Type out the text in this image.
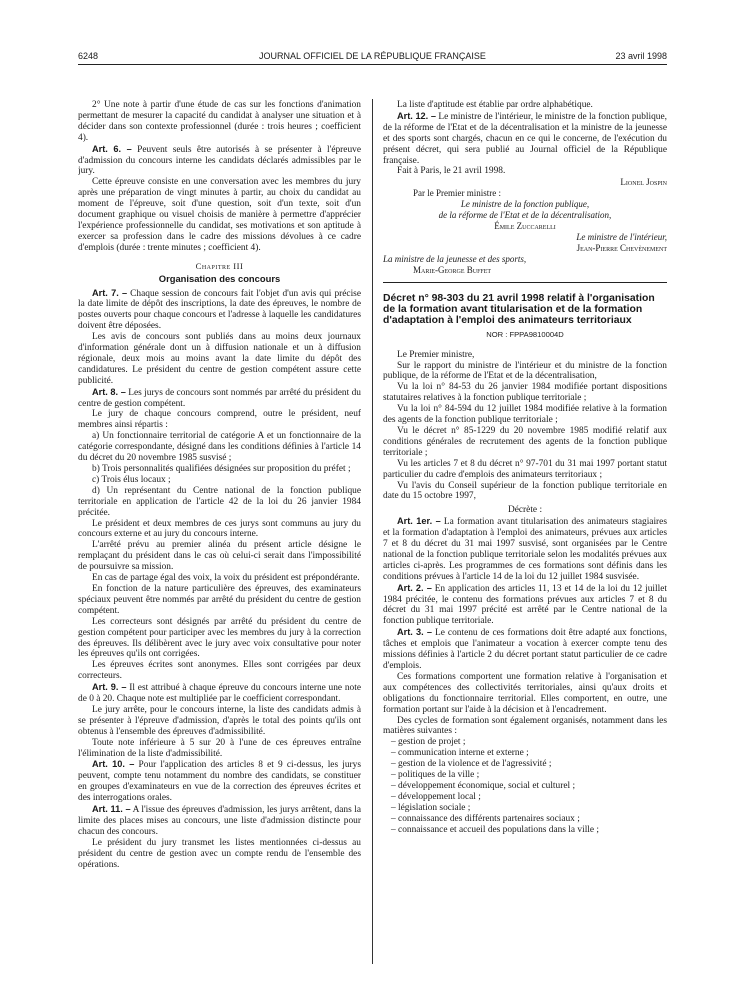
6248	JOURNAL OFFICIEL DE LA RÉPUBLIQUE FRANÇAISE	23 avril 1998

2° Une note à partir d'une étude de cas sur les fonctions d'animation permettant de mesurer la capacité du candidat à analyser une situation et à décider dans son contexte professionnel (durée : trois heures ; coefficient 4).

Art. 6. – Peuvent seuls être autorisés à se présenter à l'épreuve d'admission du concours interne les candidats déclarés admissibles par le jury.

Cette épreuve consiste en une conversation avec les membres du jury après une préparation de vingt minutes à partir, au choix du candidat au moment de l'épreuve, soit d'une question, soit d'un texte, soit d'un document graphique ou visuel choisis de manière à permettre d'apprécier l'expérience professionnelle du candidat, ses motivations et son aptitude à exercer sa profession dans le cadre des missions dévolues à ce cadre d'emplois (durée : trente minutes ; coefficient 4).

Chapitre III

Organisation des concours

Art. 7. – Chaque session de concours fait l'objet d'un avis qui précise la date limite de dépôt des inscriptions, la date des épreuves, le nombre de postes ouverts pour chaque concours et l'adresse à laquelle les candidatures doivent être déposées.

Les avis de concours sont publiés dans au moins deux journaux d'information générale dont un à diffusion nationale et un à diffusion régionale, deux mois au moins avant la date limite du dépôt des candidatures. Le président du centre de gestion compétent assure cette publicité.

Art. 8. – Les jurys de concours sont nommés par arrêté du président du centre de gestion compétent.

Le jury de chaque concours comprend, outre le président, neuf membres ainsi répartis :

a) Un fonctionnaire territorial de catégorie A et un fonctionnaire de la catégorie correspondante, désigné dans les conditions définies à l'article 14 du décret du 20 novembre 1985 susvisé ;

b) Trois personnalités qualifiées désignées sur proposition du préfet ;

c) Trois élus locaux ;

d) Un représentant du Centre national de la fonction publique territoriale en application de l'article 42 de la loi du 26 janvier 1984 précitée.

Le président et deux membres de ces jurys sont communs au jury du concours externe et au jury du concours interne.

L'arrêté prévu au premier alinéa du présent article désigne le remplaçant du président dans le cas où celui-ci serait dans l'impossibilité de poursuivre sa mission.

En cas de partage égal des voix, la voix du président est prépondérante.

En fonction de la nature particulière des épreuves, des examinateurs spéciaux peuvent être nommés par arrêté du président du centre de gestion compétent.

Les correcteurs sont désignés par arrêté du président du centre de gestion compétent pour participer avec les membres du jury à la correction des épreuves. Ils délibèrent avec le jury avec voix consultative pour noter les épreuves qu'ils ont corrigées.

Les épreuves écrites sont anonymes. Elles sont corrigées par deux correcteurs.

Art. 9. – Il est attribué à chaque épreuve du concours interne une note de 0 à 20. Chaque note est multipliée par le coefficient correspondant.

Le jury arrête, pour le concours interne, la liste des candidats admis à se présenter à l'épreuve d'admission, d'après le total des points qu'ils ont obtenus à l'ensemble des épreuves d'admissibilité.

Toute note inférieure à 5 sur 20 à l'une de ces épreuves entraîne l'élimination de la liste d'admissibilité.

Art. 10. – Pour l'application des articles 8 et 9 ci-dessus, les jurys peuvent, compte tenu notamment du nombre des candidats, se constituer en groupes d'examinateurs en vue de la correction des épreuves écrites et des interrogations orales.

Art. 11. – A l'issue des épreuves d'admission, les jurys arrêtent, dans la limite des places mises au concours, une liste d'admission distincte pour chacun des concours.

Le président du jury transmet les listes mentionnées ci-dessus au président du centre de gestion avec un compte rendu de l'ensemble des opérations.

La liste d'aptitude est établie par ordre alphabétique.

Art. 12. – Le ministre de l'intérieur, le ministre de la fonction publique, de la réforme de l'Etat et de la décentralisation et la ministre de la jeunesse et des sports sont chargés, chacun en ce qui le concerne, de l'exécution du présent décret, qui sera publié au Journal officiel de la République française.

Fait à Paris, le 21 avril 1998.

Lionel Jospin

Par le Premier ministre :

Le ministre de la fonction publique,

de la réforme de l'Etat et de la décentralisation,

Émile Zuccarelli

Le ministre de l'intérieur,

Jean-Pierre Chevènement

La ministre de la jeunesse et des sports,

Marie-George Buffet

Décret n° 98-303 du 21 avril 1998 relatif à l'organisation de la formation avant titularisation et de la formation d'adaptation à l'emploi des animateurs territoriaux

NOR : FPPA9810004D

Le Premier ministre,

Sur le rapport du ministre de l'intérieur et du ministre de la fonction publique, de la réforme de l'Etat et de la décentralisation,

Vu la loi n° 84-53 du 26 janvier 1984 modifiée portant dispositions statutaires relatives à la fonction publique territoriale ;

Vu la loi n° 84-594 du 12 juillet 1984 modifiée relative à la formation des agents de la fonction publique territoriale ;

Vu le décret n° 85-1229 du 20 novembre 1985 modifié relatif aux conditions générales de recrutement des agents de la fonction publique territoriale ;

Vu les articles 7 et 8 du décret n° 97-701 du 31 mai 1997 portant statut particulier du cadre d'emplois des animateurs territoriaux ;

Vu l'avis du Conseil supérieur de la fonction publique territoriale en date du 15 octobre 1997,

Décrète :

Art. 1er. – La formation avant titularisation des animateurs stagiaires et la formation d'adaptation à l'emploi des animateurs, prévues aux articles 7 et 8 du décret du 31 mai 1997 susvisé, sont organisées par le Centre national de la fonction publique territoriale selon les modalités prévues aux articles ci-après. Les programmes de ces formations sont définis dans les conditions prévues à l'article 14 de la loi du 12 juillet 1984 susvisée.

Art. 2. – En application des articles 11, 13 et 14 de la loi du 12 juillet 1984 précitée, le contenu des formations prévues aux articles 7 et 8 du décret du 31 mai 1997 précité est arrêté par le Centre national de la fonction publique territoriale.

Art. 3. – Le contenu de ces formations doit être adapté aux fonctions, tâches et emplois que l'animateur a vocation à exercer compte tenu des missions définies à l'article 2 du décret portant statut particulier de ce cadre d'emplois.

Ces formations comportent une formation relative à l'organisation et aux compétences des collectivités territoriales, ainsi qu'aux droits et obligations du fonctionnaire territorial. Elles comportent, en outre, une formation portant sur l'aide à la décision et à l'encadrement.

Des cycles de formation sont également organisés, notamment dans les matières suivantes :

– gestion de projet ;
– communication interne et externe ;
– gestion de la violence et de l'agressivité ;
– politiques de la ville ;
– développement économique, social et culturel ;
– développement local ;
– législation sociale ;
– connaissance des différents partenaires sociaux ;
– connaissance et accueil des populations dans la ville ;
